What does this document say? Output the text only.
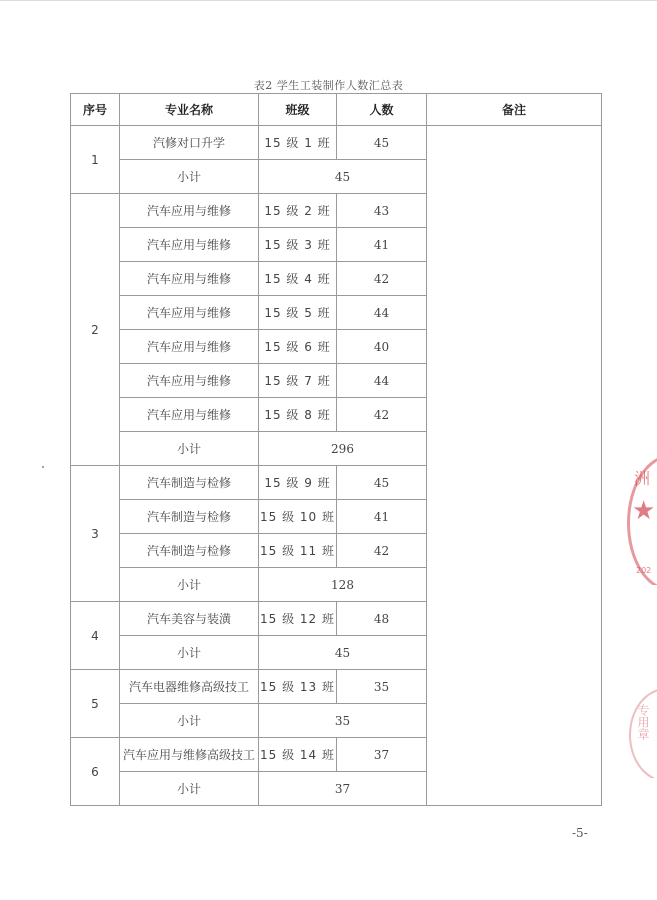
表2 学生工装制作人数汇总表
序号	专业名称	班级	人数	备注
1	汽修对口升学	15 级 1 班	45	
	小计	45		
2	汽车应用与维修	15 级 2 班	43	
	汽车应用与维修	15 级 3 班	41	
	汽车应用与维修	15 级 4 班	42	
	汽车应用与维修	15 级 5 班	44	
	汽车应用与维修	15 级 6 班	40	
	汽车应用与维修	15 级 7 班	44	
	汽车应用与维修	15 级 8 班	42	
	小计	296		
3	汽车制造与检修	15 级 9 班	45	
	汽车制造与检修	15 级 10 班	41	
	汽车制造与检修	15 级 11 班	42	
	小计	128		
4	汽车美容与装潢	15 级 12 班	48	
	小计	45		
5	汽车电器维修高级技工	15 级 13 班	35	
	小计	35		
6	汽车应用与维修高级技工	15 级 14 班	37	
	小计	37		
洲
★
202
专用章
-5-
